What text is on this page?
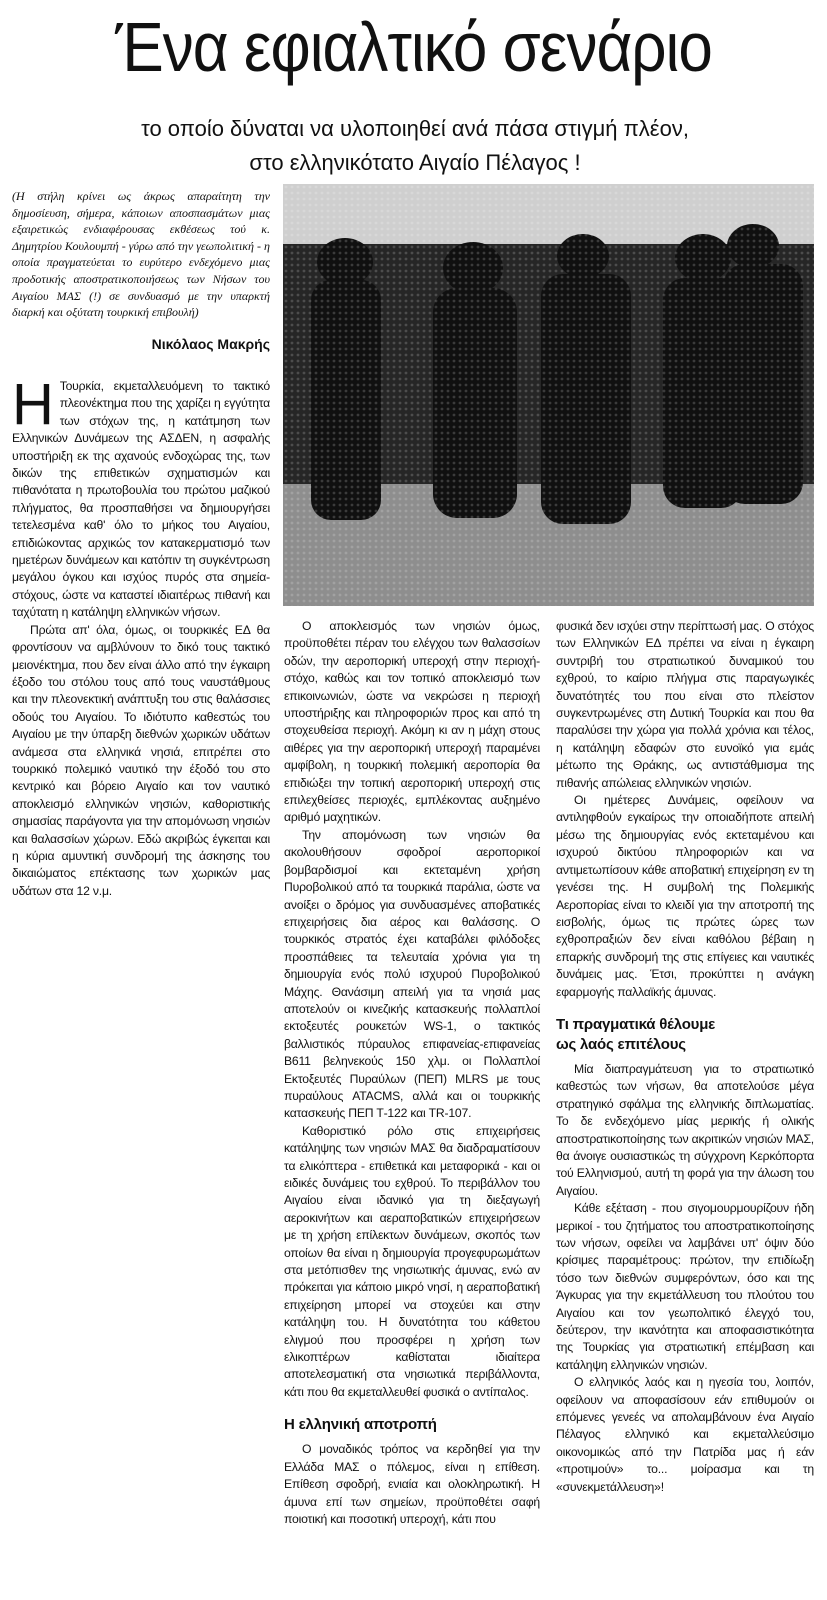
Ένα εφιαλτικό σενάριο
το οποίο δύναται να υλοποιηθεί ανά πάσα στιγμή πλέον,
στο ελληνικότατο Αιγαίο Πέλαγος !
(Η στήλη κρίνει ως άκρως απαραίτητη την δημοσίευση, σήμερα, κάποιων αποσπασμάτων μιας εξαιρετικώς ενδιαφέρουσας εκθέσεως τού κ. Δημητρίου Κουλουμπή - γύρω από την γεωπολιτική - η οποία πραγματεύεται το ευρύτερο ενδεχόμενο μιας προδοτικής αποστρατικοποιήσεως των Νήσων του Αιγαίου ΜΑΣ (!) σε συνδυασμό με την υπαρκτή διαρκή και οξύτατη τουρκική επιβουλή)
Νικόλαος Μακρής

Η Τουρκία, εκμεταλλευόμενη το τακτικό πλεονέκτημα που της χαρίζει η εγγύτητα των στόχων της, η κατάτμηση των Ελληνικών Δυνάμεων της ΑΣΔΕΝ, η ασφαλής υποστήριξη εκ της αχανούς ενδοχώρας της, των δικών της επιθετικών σχηματισμών και πιθανότατα η πρωτοβουλία του πρώτου μαζικού πλήγματος, θα προσπαθήσει να δημιουργήσει τετελεσμένα καθ' όλο το μήκος του Αιγαίου, επιδιώκοντας αρχικώς τον κατακερματισμό των ημετέρων δυνάμεων και κατόπιν τη συγκέντρωση μεγάλου όγκου και ισχύος πυρός στα σημεία-στόχους, ώστε να καταστεί ιδιαιτέρως πιθανή και ταχύτατη η κατάληψη ελληνικών νήσων.

Πρώτα απ' όλα, όμως, οι τουρκικές ΕΔ θα φροντίσουν να αμβλύνουν το δικό τους τακτικό μειονέκτημα, που δεν είναι άλλο από την έγκαιρη έξοδο του στόλου τους από τους ναυστάθμους και την πλεονεκτική ανάπτυξη του στις θαλάσσιες οδούς του Αιγαίου. Το ιδιότυπο καθεστώς του Αιγαίου με την ύπαρξη διεθνών χωρικών υδάτων ανάμεσα στα ελληνικά νησιά, επιτρέπει στο τουρκικό πολεμικό ναυτικό την έξοδό του στο κεντρικό και βόρειο Αιγαίο και τον ναυτικό αποκλεισμό ελληνικών νησιών, καθοριστικής σημασίας παράγοντα για την απομόνωση νησιών και θαλασσίων χώρων. Εδώ ακριβώς έγκειται και η κύρια αμυντική συνδρομή της άσκησης του δικαιώματος επέκτασης των χωρικών μας υδάτων στα 12 ν.μ.

Ο αποκλεισμός των νησιών όμως, προϋποθέτει πέραν του ελέγχου των θαλασσίων οδών, την αεροπορική υπεροχή στην περιοχή-στόχο, καθώς και τον τοπικό αποκλεισμό των επικοινωνιών, ώστε να νεκρώσει η περιοχή υποστήριξης και πληροφοριών προς και από τη στοχευθείσα περιοχή. Ακόμη κι αν η μάχη στους αιθέρες για την αεροπορική υπεροχή παραμένει αμφίβολη, η τουρκική πολεμική αεροπορία θα επιδιώξει την τοπική αεροπορική υπεροχή στις επιλεχθείσες περιοχές, εμπλέκοντας αυξημένο αριθμό μαχητικών.

Την απομόνωση των νησιών θα ακολουθήσουν σφοδροί αεροπορικοί βομβαρδισμοί και εκτεταμένη χρήση Πυροβολικού από τα τουρκικά παράλια, ώστε να ανοίξει ο δρόμος για συνδυασμένες αποβατικές επιχειρήσεις δια αέρος και θαλάσσης. Ο τουρκικός στρατός έχει καταβάλει φιλόδοξες προσπάθειες τα τελευταία χρόνια για τη δημιουργία ενός πολύ ισχυρού Πυροβολικού Μάχης. Θανάσιμη απειλή για τα νησιά μας αποτελούν οι κινεζικής κατασκευής πολλαπλοί εκτοξευτές ρουκετών WS-1, ο τακτικός βαλλιστικός πύραυλος επιφανείας-επιφανείας Β611 βεληνεκούς 150 χλμ. οι Πολλαπλοί Εκτοξευτές Πυραύλων (ΠΕΠ) MLRS με τους πυραύλους ATACMS, αλλά και οι τουρκικής κατασκευής ΠΕΠ Τ-122 και TR-107.

Καθοριστικό ρόλο στις επιχειρήσεις κατάληψης των νησιών ΜΑΣ θα διαδραματίσουν τα ελικόπτερα - επιθετικά και μεταφορικά - και οι ειδικές δυνάμεις του εχθρού. Το περιβάλλον του Αιγαίου είναι ιδανικό για τη διεξαγωγή αεροκινήτων και αεραποβατικών επιχειρήσεων με τη χρήση επίλεκτων δυνάμεων, σκοπός των οποίων θα είναι η δημιουργία προγεφυρωμάτων στα μετόπισθεν της νησιωτικής άμυνας, ενώ αν πρόκειται για κάποιο μικρό νησί, η αεραποβατική επιχείρηση μπορεί να στοχεύει και στην κατάληψη του. Η δυνατότητα του κάθετου ελιγμού που προσφέρει η χρήση των ελικοπτέρων καθίσταται ιδιαίτερα αποτελεσματική στα νησιωτικά περιβάλλοντα, κάτι που θα εκμεταλλευθεί φυσικά ο αντίπαλος.

Η ελληνική αποτροπή

Ο μοναδικός τρόπος να κερδηθεί για την Ελλάδα ΜΑΣ ο πόλεμος, είναι η επίθεση. Επίθεση σφοδρή, ενιαία και ολοκληρωτική. Η άμυνα επί των σημείων, προϋποθέτει σαφή ποιοτική και ποσοτική υπεροχή, κάτι που

φυσικά δεν ισχύει στην περίπτωσή μας. Ο στόχος των Ελληνικών ΕΔ πρέπει να είναι η έγκαιρη συντριβή του στρατιωτικού δυναμικού του εχθρού, το καίριο πλήγμα στις παραγωγικές δυνατότητές του που είναι στο πλείστον συγκεντρωμένες στη Δυτική Τουρκία και που θα παραλύσει την χώρα για πολλά χρόνια και τέλος, η κατάληψη εδαφών στο ευνοϊκό για εμάς μέτωπο της Θράκης, ως αντιστάθμισμα της πιθανής απώλειας ελληνικών νησιών.

Οι ημέτερες Δυνάμεις, οφείλουν να αντιληφθούν εγκαίρως την οποιαδήποτε απειλή μέσω της δημιουργίας ενός εκτεταμένου και ισχυρού δικτύου πληροφοριών και να αντιμετωπίσουν κάθε αποβατική επιχείρηση εν τη γενέσει της. Η συμβολή της Πολεμικής Αεροπορίας είναι το κλειδί για την αποτροπή της εισβολής, όμως τις πρώτες ώρες των εχθροπραξιών δεν είναι καθόλου βέβαιη η επαρκής συνδρομή της στις επίγειες και ναυτικές δυνάμεις μας. Έτσι, προκύπτει η ανάγκη εφαρμογής παλλαϊκής άμυνας.

Τι πραγματικά θέλουμε
ως λαός επιτέλους

Μία διαπραγμάτευση για το στρατιωτικό καθεστώς των νήσων, θα αποτελούσε μέγα στρατηγικό σφάλμα της ελληνικής διπλωματίας. Το δε ενδεχόμενο μίας μερικής ή ολικής αποστρατικοποίησης των ακριτικών νησιών ΜΑΣ, θα άνοιγε ουσιαστικώς τη σύγχρονη Κερκόπορτα τού Ελληνισμού, αυτή τη φορά για την άλωση του Αιγαίου.

Κάθε εξέταση - που σιγομουρμουρίζουν ήδη μερικοί - του ζητήματος του αποστρατικοποίησης των νήσων, οφείλει να λαμβάνει υπ' όψιν δύο κρίσιμες παραμέτρους: πρώτον, την επιδίωξη τόσο των διεθνών συμφερόντων, όσο και της Άγκυρας για την εκμετάλλευση του πλούτου του Αιγαίου και τον γεωπολιτικό έλεγχό του, δεύτερον, την ικανότητα και αποφασιστικότητα της Τουρκίας για στρατιωτική επέμβαση και κατάληψη ελληνικών νησιών.

Ο ελληνικός λαός και η ηγεσία του, λοιπόν, οφείλουν να αποφασίσουν εάν επιθυμούν οι επόμενες γενεές να απολαμβάνουν ένα Αιγαίο Πέλαγος ελληνικό και εκμεταλλεύσιμο οικονομικώς από την Πατρίδα μας ή εάν «προτιμούν» το... μοίρασμα και τη «συνεκμετάλλευση»!
